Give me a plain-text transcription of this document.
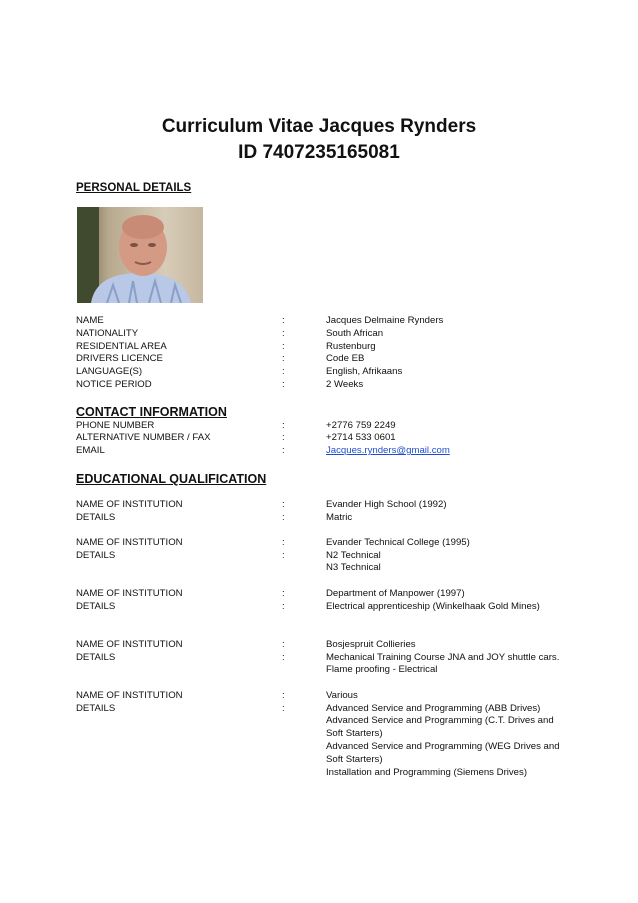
Curriculum Vitae Jacques Rynders
ID 7407235165081
PERSONAL DETAILS
NAME	:	Jacques Delmaine Rynders
NATIONALITY	:	South African
RESIDENTIAL AREA	:	Rustenburg
DRIVERS LICENCE	:	Code EB
LANGUAGE(S)	:	English, Afrikaans
NOTICE PERIOD	:	2 Weeks
CONTACT INFORMATION
PHONE NUMBER	:	+2776 759 2249
ALTERNATIVE NUMBER / FAX	:	+2714 533 0601
EMAIL	:	Jacques.rynders@gmail.com
EDUCATIONAL QUALIFICATION
NAME OF INSTITUTION	:	Evander High School (1992)
DETAILS	:	Matric
NAME OF INSTITUTION	:	Evander Technical College (1995)
DETAILS	:	N2 Technical
N3 Technical
NAME OF INSTITUTION	:	Department of Manpower (1997)
DETAILS	:	Electrical apprenticeship (Winkelhaak Gold Mines)
NAME OF INSTITUTION	:	Bosjespruit Collieries
DETAILS	:	Mechanical Training Course JNA and JOY shuttle cars.
Flame proofing - Electrical
NAME OF INSTITUTION	:	Various
DETAILS	:	Advanced Service and Programming (ABB Drives)
Advanced Service and Programming (C.T. Drives and
Soft Starters)
Advanced Service and Programming (WEG Drives and
Soft Starters)
Installation and Programming (Siemens Drives)
